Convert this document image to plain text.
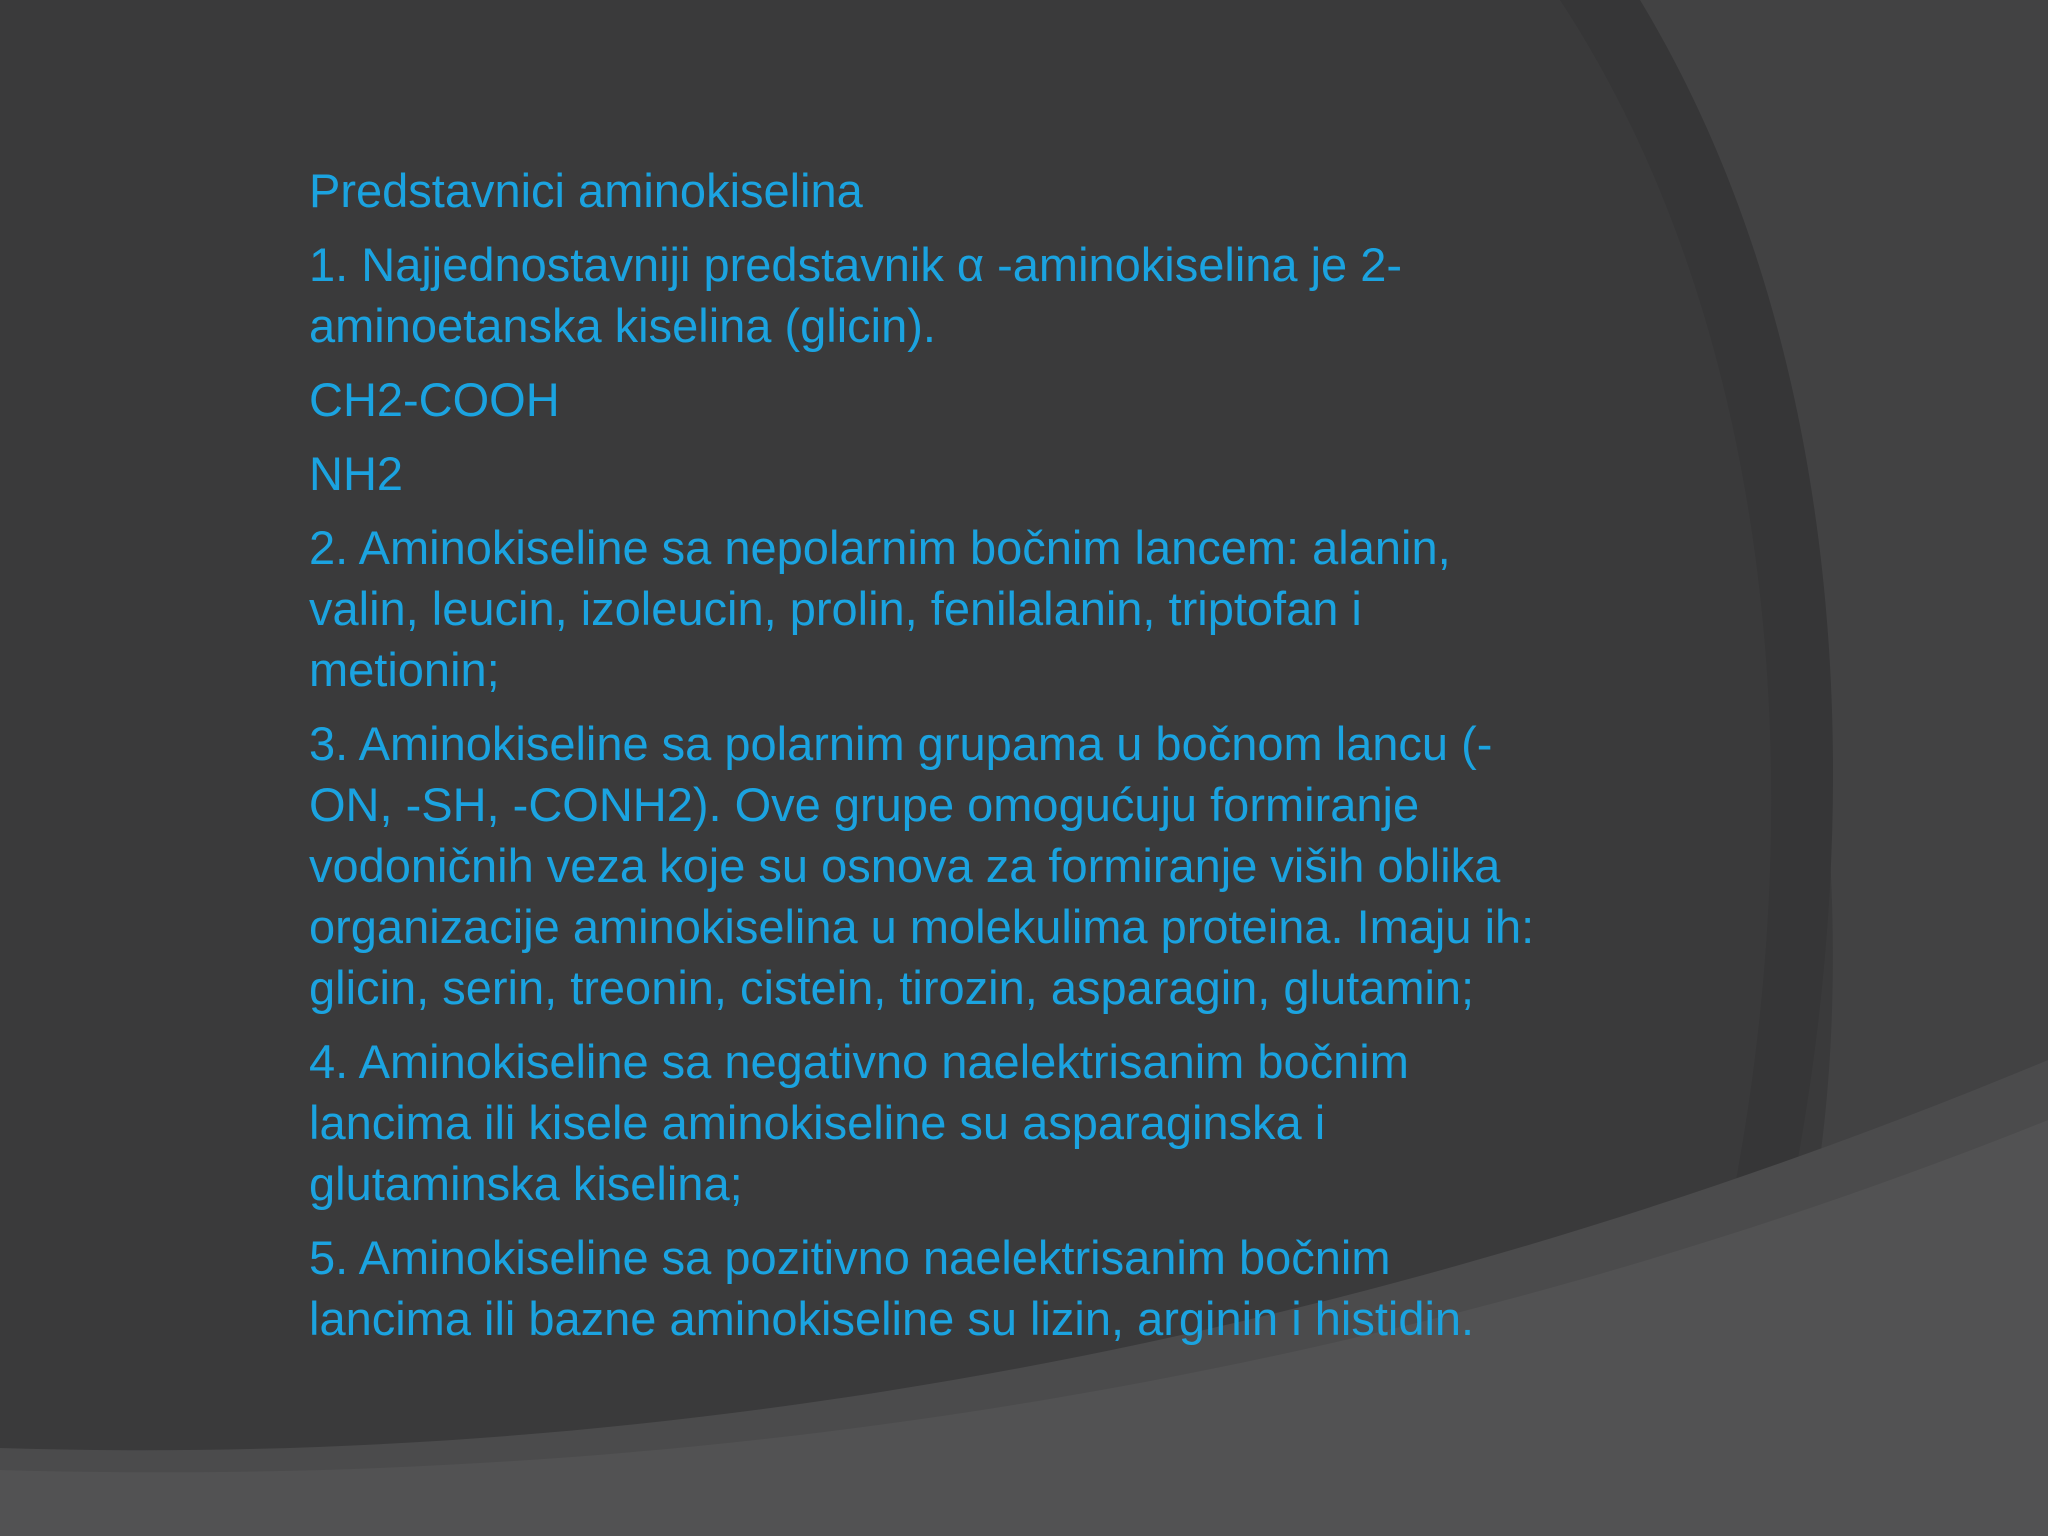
Predstavnici aminokiselina
1. Najjednostavniji predstavnik α -aminokiselina je 2-
aminoetanska kiselina (glicin).
CH2-COOH
NH2
2. Aminokiseline sa nepolarnim bočnim lancem: alanin,
valin, leucin, izoleucin, prolin, fenilalanin, triptofan i
metionin;
3. Aminokiseline sa polarnim grupama u bočnom lancu (-
ON, -SH, -CONH2). Ove grupe omogućuju formiranje
vodoničnih veza koje su osnova za formiranje viših oblika
organizacije aminokiselina u molekulima proteina. Imaju ih:
glicin, serin, treonin, cistein, tirozin, asparagin, glutamin;
4. Aminokiseline sa negativno naelektrisanim bočnim
lancima ili kisele aminokiseline su asparaginska i
glutaminska kiselina;
5. Aminokiseline sa pozitivno naelektrisanim bočnim
lancima ili bazne aminokiseline su lizin, arginin i histidin.
